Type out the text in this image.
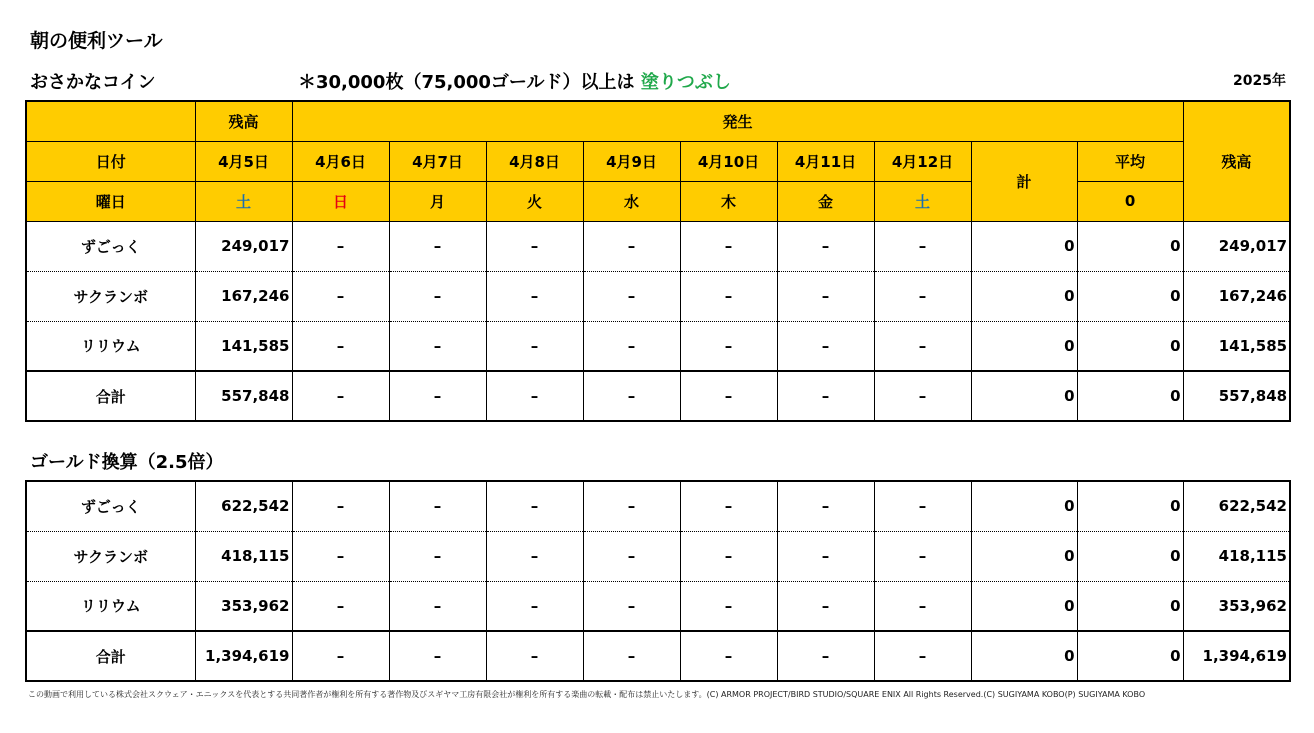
朝の便利ツール
おさかなコイン	＊30,000枚（75,000ゴールド）以上は 塗りつぶし	2025年
	残高	発生									残高
日付	4月5日	4月6日	4月7日	4月8日	4月9日	4月10日	4月11日	4月12日	計	平均	
曜日	土	日	月	火	水	木	金	土		0	
ずごっく	249,017	–	–	–	–	–	–	–	0	0	249,017
サクランボ	167,246	–	–	–	–	–	–	–	0	0	167,246
リリウム	141,585	–	–	–	–	–	–	–	0	0	141,585
合計	557,848	–	–	–	–	–	–	–	0	0	557,848
ゴールド換算（2.5倍）
ずごっく	622,542	–	–	–	–	–	–	–	0	0	622,542
サクランボ	418,115	–	–	–	–	–	–	–	0	0	418,115
リリウム	353,962	–	–	–	–	–	–	–	0	0	353,962
合計	1,394,619	–	–	–	–	–	–	–	0	0	1,394,619
この動画で利用している株式会社スクウェア・エニックスを代表とする共同著作者が権利を所有する著作物及びスギヤマ工房有限会社が権利を所有する楽曲の転載・配布は禁止いたします。(C) ARMOR PROJECT/BIRD STUDIO/SQUARE ENIX All Rights Reserved.(C) SUGIYAMA KOBO(P) SUGIYAMA KOBO
